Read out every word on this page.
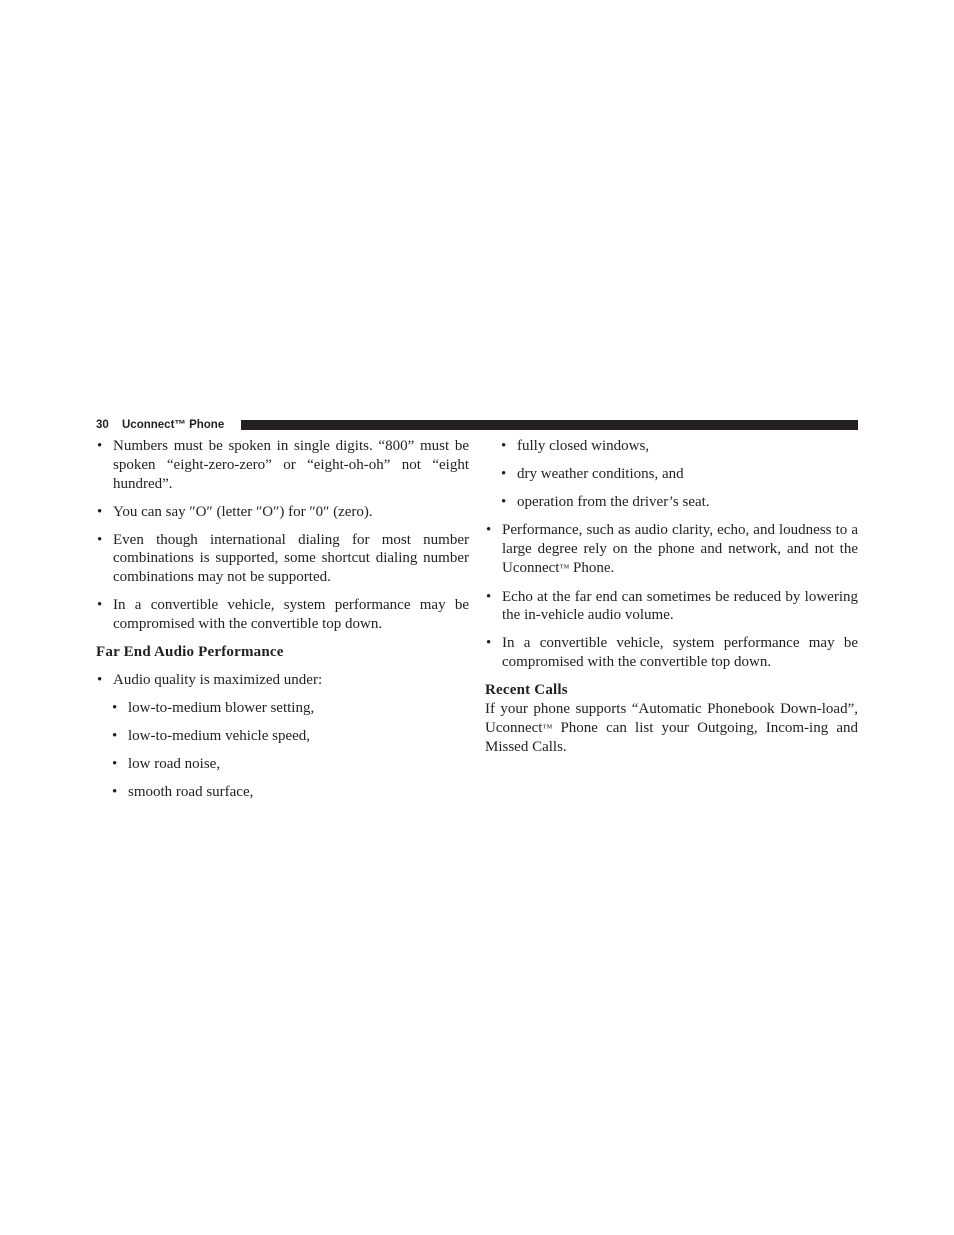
30 Uconnect™ Phone
• Numbers must be spoken in single digits. “800” must be spoken “eight-zero-zero” or “eight-oh-oh” not “eight hundred”.
• You can say ″O″ (letter ″O″) for ″0″ (zero).
• Even though international dialing for most number combinations is supported, some shortcut dialing number combinations may not be supported.
• In a convertible vehicle, system performance may be compromised with the convertible top down.
Far End Audio Performance
• Audio quality is maximized under:
• low-to-medium blower setting,
• low-to-medium vehicle speed,
• low road noise,
• smooth road surface,
• fully closed windows,
• dry weather conditions, and
• operation from the driver’s seat.
• Performance, such as audio clarity, echo, and loudness to a large degree rely on the phone and network, and not the Uconnect™ Phone.
• Echo at the far end can sometimes be reduced by lowering the in-vehicle audio volume.
• In a convertible vehicle, system performance may be compromised with the convertible top down.
Recent Calls
If your phone supports “Automatic Phonebook Down-load”, Uconnect™ Phone can list your Outgoing, Incom-ing and Missed Calls.
